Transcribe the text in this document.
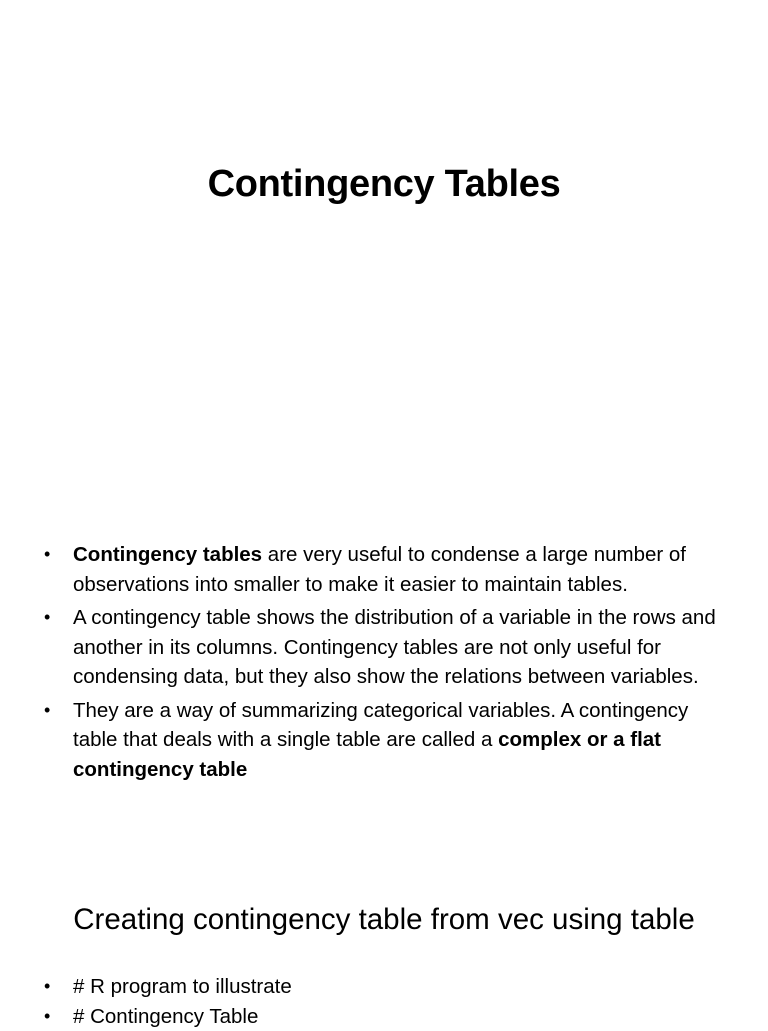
Contingency Tables
• Contingency tables are very useful to condense a large number of observations into smaller to make it easier to maintain tables.
• A contingency table shows the distribution of a variable in the rows and another in its columns. Contingency tables are not only useful for condensing data, but they also show the relations between variables.
• They are a way of summarizing categorical variables. A contingency table that deals with a single table are called a complex or a flat contingency table
Creating contingency table from vec using table
• # R program to illustrate
• # Contingency Table
